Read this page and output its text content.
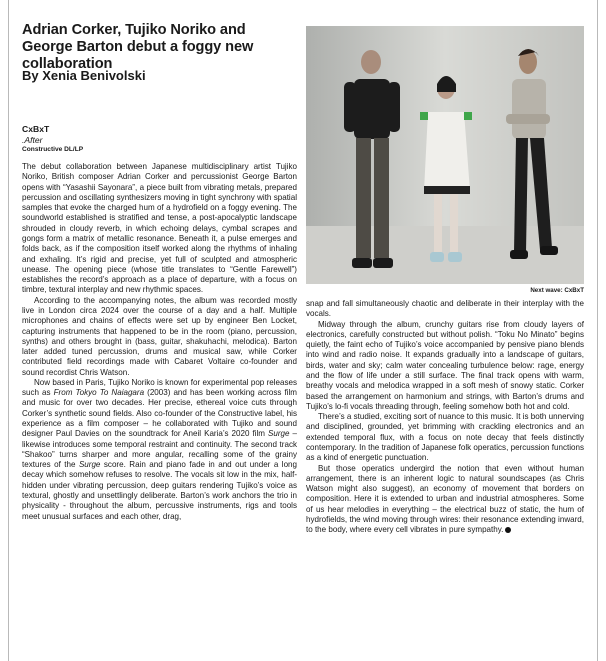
Adrian Corker, Tujiko Noriko and George Barton debut a foggy new collaboration
By Xenia Benivolski
CxBxT
.After
Constructive DL/LP

The debut collaboration between Japanese multidisciplinary artist Tujiko Noriko, British composer Adrian Corker and percussionist George Barton opens with “Yasashii Sayonara”, a piece built from vibrating metals, prepared percussion and oscillating synthesizers moving in tight synchrony with spatial samples that evoke the charged hum of a hydrofield on a foggy evening. The soundworld established is stratified and tense, a post-apocalyptic landscape shrouded in cloudy reverb, in which echoing delays, cymbal scrapes and gongs form a matrix of metallic resonance. Beneath it, a pulse emerges and folds back, as if the composition itself worked along the rhythms of inhaling and exhaling. It’s rigid and precise, yet full of sculpted and atmospheric unease. The opening piece (whose title translates to “Gentle Farewell”) establishes the record’s approach as a place of departure, with a focus on timbre, textural interplay and new rhythmic spaces.

According to the accompanying notes, the album was recorded mostly live in London circa 2024 over the course of a day and a half. Multiple microphones and chains of effects were set up by engineer Ben Locket, capturing instruments that happened to be in the room (piano, percussion, synths) and others brought in (bass, guitar, shakuhachi, melodica). Barton later added tuned percussion, drums and musical saw, while Corker contributed field recordings made with Cabaret Voltaire co-founder and sound recordist Chris Watson.

Now based in Paris, Tujiko Noriko is known for experimental pop releases such as From Tokyo To Naiagara (2003) and has been working across film and music for over two decades. Her precise, ethereal voice cuts through Corker’s synthetic sound fields. Also co-founder of the Constructive label, his experience as a film composer – he collaborated with Tujiko and sound designer Paul Davies on the soundtrack for Aneil Karia’s 2020 film Surge – likewise introduces some temporal restraint and continuity. The second track “Shakoo” turns sharper and more angular, recalling some of the grainy textures of the Surge score. Rain and piano fade in and out under a long decay which somehow refuses to resolve. The vocals sit low in the mix, half-hidden under vibrating percussion, deep guitars rendering Tujiko’s voice as textural, ghostly and unsettlingly deliberate. Barton’s work anchors the trio in physicality - throughout the album, percussive instruments, rigs and tools meet unusual surfaces and each other, drag,

Next wave: CxBxT

snap and fall simultaneously chaotic and deliberate in their interplay with the vocals.

Midway through the album, crunchy guitars rise from cloudy layers of electronics, carefully constructed but without polish. “Toku No Minato” begins quietly, the faint echo of Tujiko’s voice accompanied by pensive piano blends into wind and radio noise. It expands gradually into a landscape of guitars, birds, water and sky; calm water concealing turbulence below: rage, energy and the flow of life under a still surface. The final track opens with warm, breathy vocals and melodica wrapped in a soft mesh of snowy static. Corker based the arrangement on harmonium and strings, with Barton’s drums and Tujiko’s lo-fi vocals threading through, feeling somehow both hot and cold.

There’s a studied, exciting sort of nuance to this music. It is both unnerving and disciplined, grounded, yet brimming with crackling electronics and an extended temporal flux, with a focus on note decay that feels distinctly contemporary. In the tradition of Japanese folk operatics, percussion functions as a kind of energetic punctuation.

But those operatics undergird the notion that even without human arrangement, there is an inherent logic to natural soundscapes (as Chris Watson might also suggest), an economy of movement that borders on composition. Here it is extended to urban and industrial atmospheres. Some of us hear melodies in everything – the electrical buzz of static, the hum of hydrofields, the wind moving through wires: their resonance extending inward, to the body, where every cell vibrates in pure sympathy.
